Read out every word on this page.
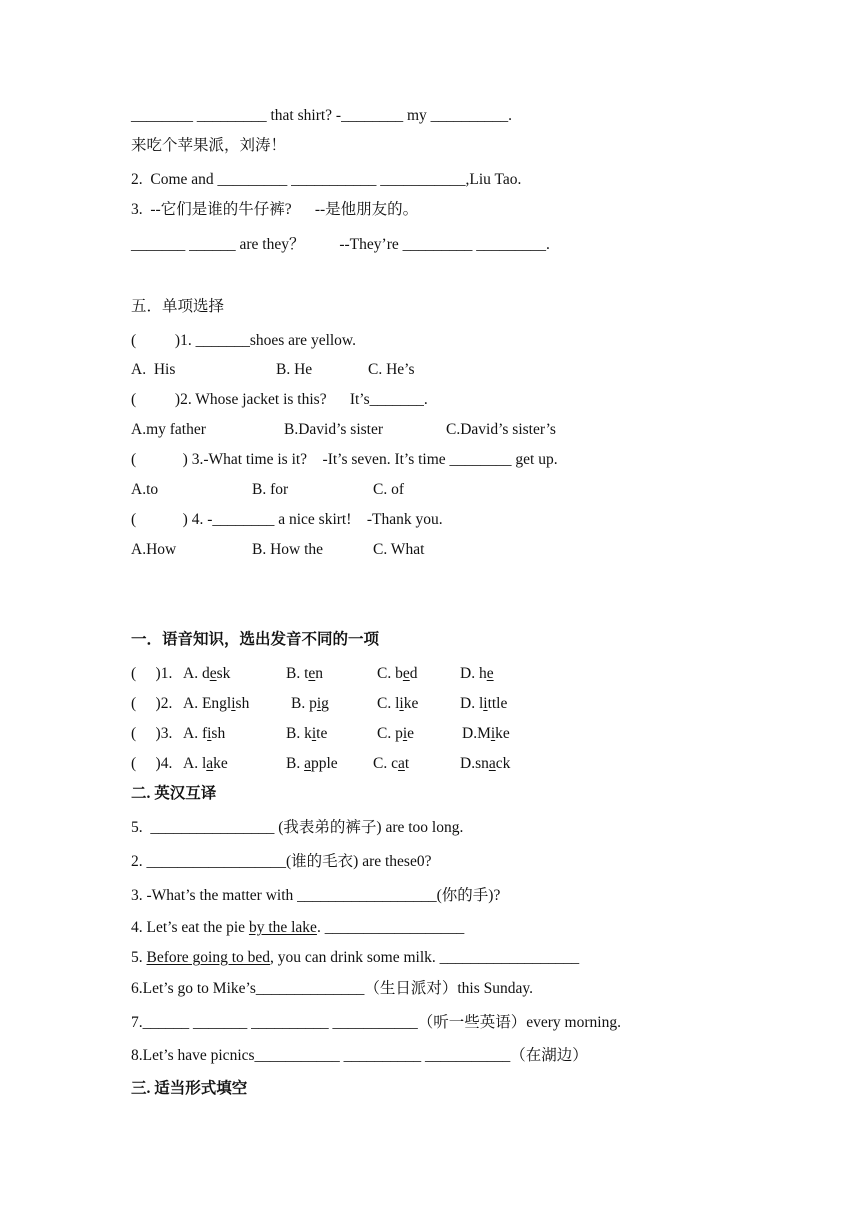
________ _________ that shirt? -________ my __________.
来吃个苹果派，刘涛！
2.  Come and _________ ___________ ___________,Liu Tao.
3.  --它们是谁的牛仔裤?      --是他朋友的。
_______ ______ are they？         --They’re _________ _________.
五．单项选择
(          )1. _______shoes are yellow.
A.  His	B. He	C. He’s
(          )2. Whose jacket is this?      It’s_______.
A.my father	B.David’s sister	C.David’s sister’s
(            ) 3.-What time is it?    -It’s seven. It’s time ________ get up.
A.to	B. for	C. of
(            ) 4. -________ a nice skirt!    -Thank you.
A.How	B. How the	C. What
一．语音知识，选出发音不同的一项
(     )1. A. desk	B. ten	C. bed	D. he
(     )2. A. English	B. pig	C. like	D. little
(     )3. A. fish	B. kite	C. pie	D.Mike
(     )4. A. lake	B. apple C. cat	D.snack
二. 英汉互译
5.  ________________ (我表弟的裤子) are too long.
2. __________________(谁的毛衣) are these0?
3. -What’s the matter with __________________(你的手)?
4. Let’s eat the pie by the lake. __________________
5. Before going to bed, you can drink some milk. __________________
6.Let’s go to Mike’s______________（生日派对）this Sunday.
7.______ _______ __________ ___________（听一些英语）every morning.
8.Let’s have picnics___________ __________ ___________（在湖边）
三. 适当形式填空
